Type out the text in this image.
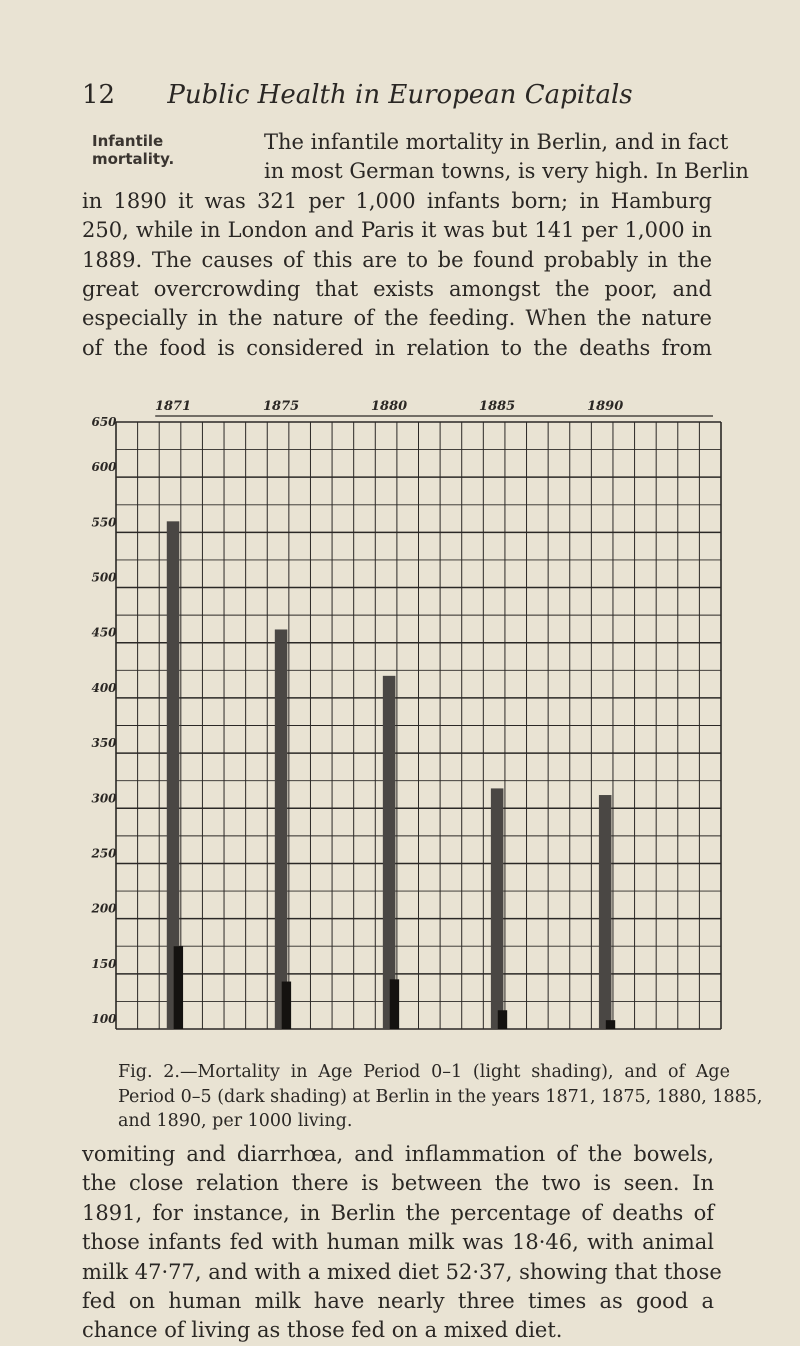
12	Public Health in European Capitals
Infantile
mortality.
The infantile mortality in Berlin, and in fact
in most German towns, is very high. In Berlin
in 1890 it was 321 per 1,000 infants born; in Hamburg
250, while in London and Paris it was but 141 per 1,000 in
1889. The causes of this are to be found probably in the
great overcrowding that exists amongst the poor, and
especially in the nature of the feeding. When the nature
of the food is considered in relation to the deaths from
650
600
550
500
450
400
350
300
250
200
150
100
1871	1875	1880	1885	1890
Fig. 2.—Mortality in Age Period 0–1 (light shading), and of Age
Period 0–5 (dark shading) at Berlin in the years 1871, 1875, 1880, 1885,
and 1890, per 1000 living.
vomiting and diarrhœa, and inflammation of the bowels,
the close relation there is between the two is seen. In
1891, for instance, in Berlin the percentage of deaths of
those infants fed with human milk was 18·46, with animal
milk 47·77, and with a mixed diet 52·37, showing that those
fed on human milk have nearly three times as good a
chance of living as those fed on a mixed diet.
